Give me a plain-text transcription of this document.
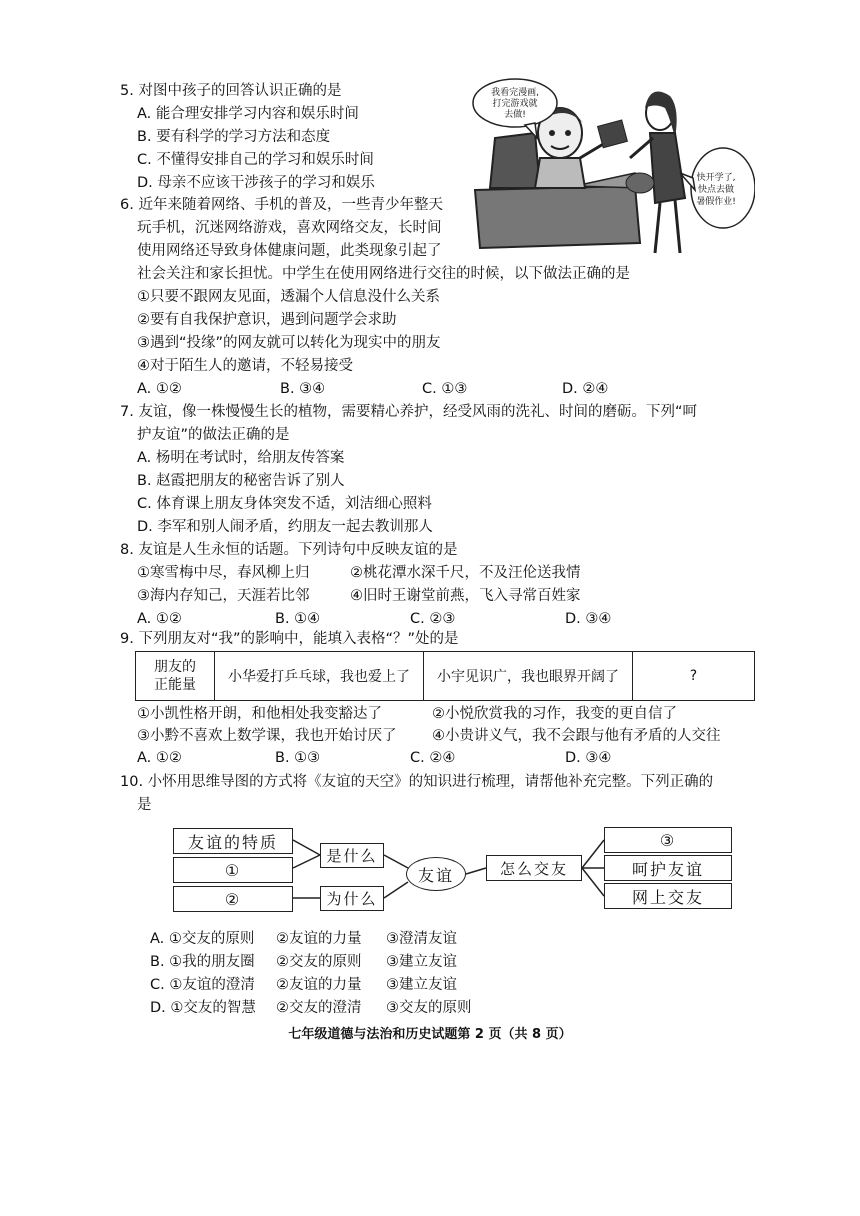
5. 对图中孩子的回答认识正确的是
A. 能合理安排学习内容和娱乐时间
B. 要有科学的学习方法和态度
C. 不懂得安排自己的学习和娱乐时间
D. 母亲不应该干涉孩子的学习和娱乐
我看完漫画,
打完游戏就
去做!
快开学了,
快点去做
暑假作业!
6. 近年来随着网络、手机的普及，一些青少年整天
玩手机，沉迷网络游戏，喜欢网络交友，长时间
使用网络还导致身体健康问题，此类现象引起了
社会关注和家长担忧。中学生在使用网络进行交往的时候，以下做法正确的是
①只要不跟网友见面，透漏个人信息没什么关系
②要有自我保护意识，遇到问题学会求助
③遇到“投缘”的网友就可以转化为现实中的朋友
④对于陌生人的邀请，不轻易接受
A. ①②	B. ③④	C. ①③	D. ②④
7. 友谊，像一株慢慢生长的植物，需要精心养护，经受风雨的洗礼、时间的磨砺。下列“呵
护友谊”的做法正确的是
A. 杨明在考试时，给朋友传答案
B. 赵霞把朋友的秘密告诉了别人
C. 体育课上朋友身体突发不适，刘洁细心照料
D. 李军和别人闹矛盾，约朋友一起去教训那人
8. 友谊是人生永恒的话题。下列诗句中反映友谊的是
①寒雪梅中尽，春风柳上归	②桃花潭水深千尺，不及汪伦送我情
③海内存知己，天涯若比邻	④旧时王谢堂前燕，飞入寻常百姓家
A. ①②	B. ①④	C. ②③	D. ③④
9. 下列朋友对“我”的影响中，能填入表格“？”处的是
朋友的
正能量	小华爱打乒乓球，我也爱上了	小宇见识广，我也眼界开阔了	?
①小凯性格开朗，和他相处我变豁达了	②小悦欣赏我的习作，我变的更自信了
③小黔不喜欢上数学课，我也开始讨厌了 ④小贵讲义气，我不会跟与他有矛盾的人交往
A. ①②	B. ①③	C. ②④	D. ③④
10. 小怀用思维导图的方式将《友谊的天空》的知识进行梳理，请帮他补充完整。下列正确的
是
友谊的特质
①
②
是什么
为什么
友谊	怎么交友
③
呵护友谊
网上交友
A. ①交友的原则 ②友谊的力量 ③澄清友谊
B. ①我的朋友圈 ②交友的原则 ③建立友谊
C. ①友谊的澄清 ②友谊的力量 ③建立友谊
D. ①交友的智慧 ②交友的澄清 ③交友的原则
七年级道德与法治和历史试题第 2 页（共 8 页）
